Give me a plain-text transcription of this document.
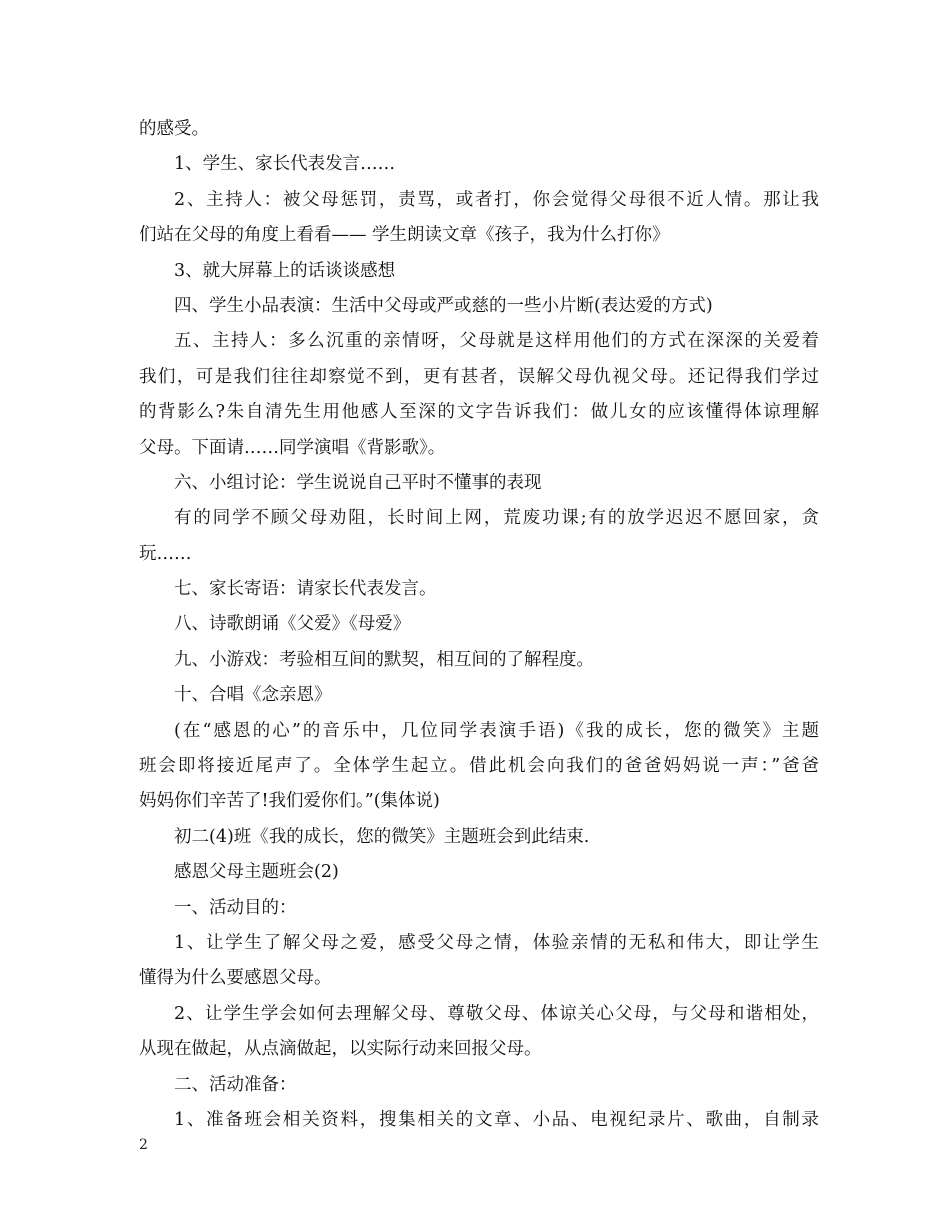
的感受。
1、学生、家长代表发言……
2、主持人：被父母惩罚，责骂，或者打，你会觉得父母很不近人情。那让我
们站在父母的角度上看看—— 学生朗读文章《孩子，我为什么打你》
3、就大屏幕上的话谈谈感想
四、学生小品表演：生活中父母或严或慈的一些小片断(表达爱的方式)
五、主持人：多么沉重的亲情呀，父母就是这样用他们的方式在深深的关爱着
我们，可是我们往往却察觉不到，更有甚者，误解父母仇视父母。还记得我们学过
的背影么?朱自清先生用他感人至深的文字告诉我们：做儿女的应该懂得体谅理解
父母。下面请……同学演唱《背影歌》。
六、小组讨论：学生说说自己平时不懂事的表现
有的同学不顾父母劝阻，长时间上网，荒废功课;有的放学迟迟不愿回家，贪
玩……
七、家长寄语：请家长代表发言。
八、诗歌朗诵《父爱》《母爱》
九、小游戏：考验相互间的默契，相互间的了解程度。
十、合唱《念亲恩》
(在“感恩的心”的音乐中，几位同学表演手语)《我的成长，您的微笑》主题
班会即将接近尾声了。全体学生起立。借此机会向我们的爸爸妈妈说一声：”爸爸
妈妈你们辛苦了!我们爱你们。”(集体说)
初二(4)班《我的成长，您的微笑》主题班会到此结束.
感恩父母主题班会(2)
一、活动目的：
1、让学生了解父母之爱，感受父母之情，体验亲情的无私和伟大，即让学生
懂得为什么要感恩父母。
2、让学生学会如何去理解父母、尊敬父母、体谅关心父母，与父母和谐相处，
从现在做起，从点滴做起，以实际行动来回报父母。
二、活动准备：
1、准备班会相关资料，搜集相关的文章、小品、电视纪录片、歌曲，自制录
2
